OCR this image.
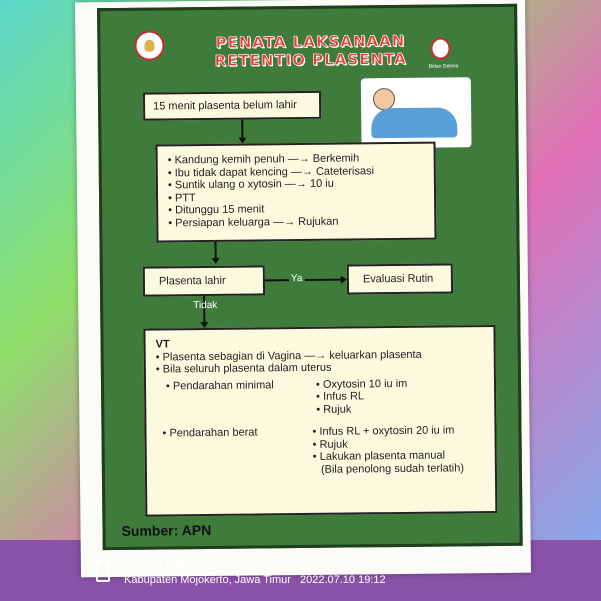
PENATA LAKSANAAN
RETENTIO PLASENTA	Bidan Delima

15 menit plasenta belum lahir

• Kandung kemih penuh —→ Berkemih

• Ibu tidak dapat kencing —→ Cateterisasi

• Suntik ulang o xytosin —→ 10 iu

• PTT

• Ditunggu 15 menit

• Persiapan keluarga —→ Rujukan

Plasenta lahir	Ya	Evaluasi Rutin

Tidak

VT

• Plasenta sebagian di Vagina —→ keluarkan plasenta

• Bila seluruh plasenta dalam uterus

• Pendarahan minimal	• Oxytosin 10 iu im

• Infus RL

• Rujuk

• Pendarahan berat	• Infus RL + oxytosin 20 iu im

• Rujuk

• Lakukan plasenta manual

(Bila penolong sudah terlatih)

Sumber: APN
OPPO Reno5
Kabupaten Mojokerto, Jawa Timur 2022.07.10 19:12
